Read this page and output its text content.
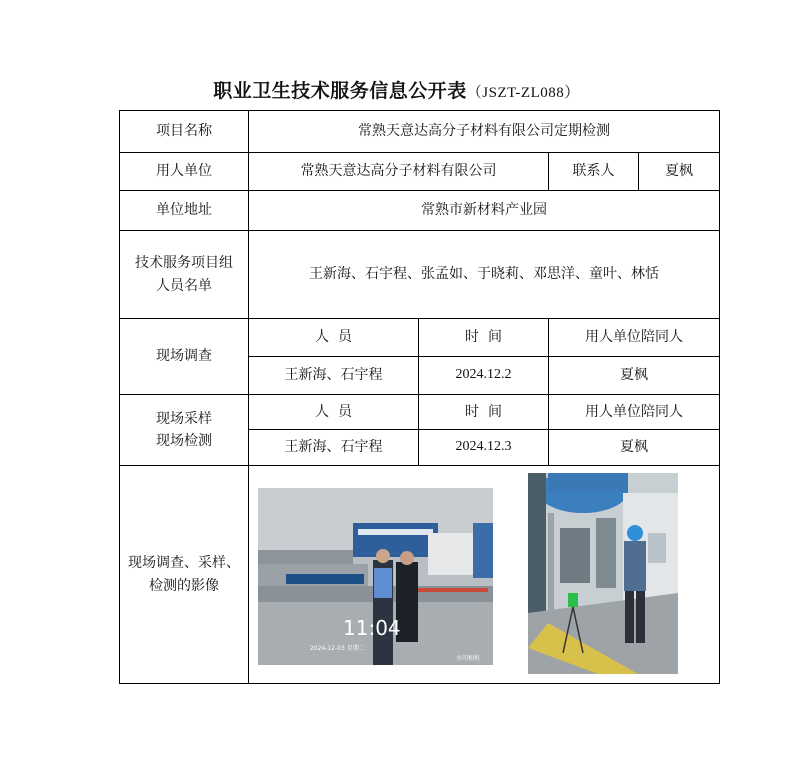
职业卫生技术服务信息公开表（JSZT-ZL088）
项目名称	常熟天意达高分子材料有限公司定期检测			
用人单位	常熟天意达高分子材料有限公司		联系人	夏枫
单位地址	常熟市新材料产业园			
技术服务项目组人员名单	王新海、石宇程、张孟如、于晓莉、邓思洋、童叶、林恬			
现场调查	人  员	时  间	用人单位陪同人	
	王新海、石宇程	2024.12.2	夏枫	
现场采样现场检测	人  员	时  间	用人单位陪同人	
	王新海、石宇程	2024.12.3	夏枫	
现场调查、采样、检测的影像	11:04
2024-12-03 星期二
水印相机			
